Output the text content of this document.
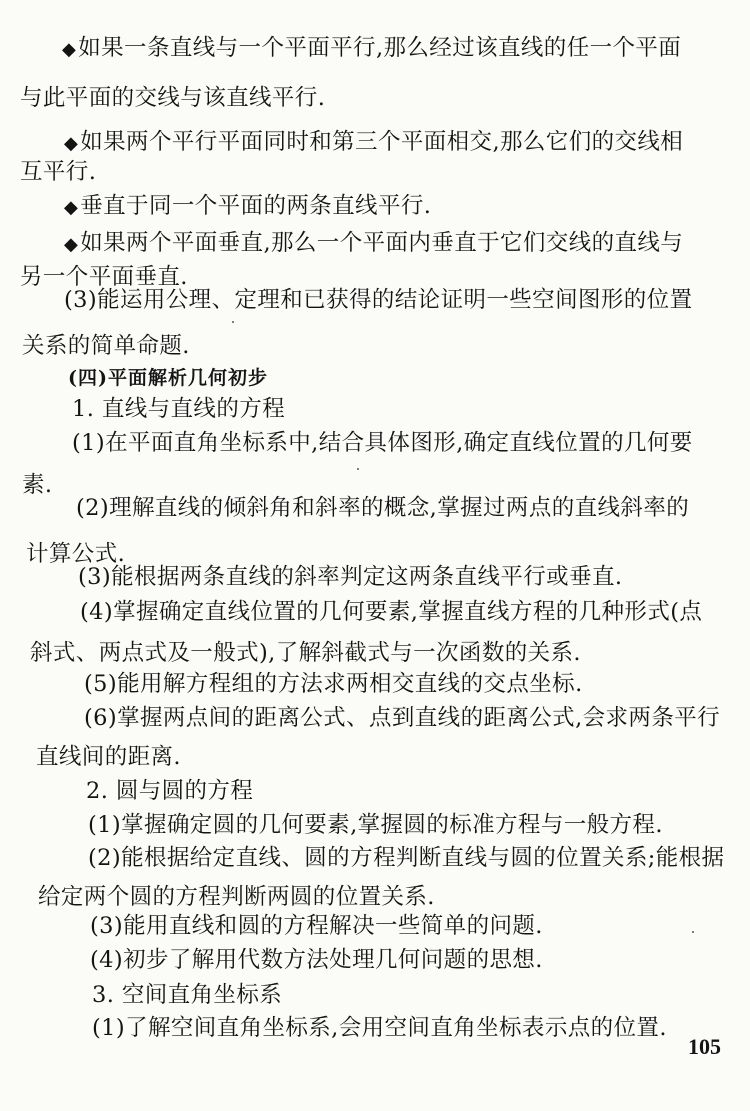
◆如果一条直线与一个平面平行,那么经过该直线的任一个平面
与此平面的交线与该直线平行.
◆如果两个平行平面同时和第三个平面相交,那么它们的交线相
互平行.
◆垂直于同一个平面的两条直线平行.
◆如果两个平面垂直,那么一个平面内垂直于它们交线的直线与
另一个平面垂直.
(3)能运用公理、定理和已获得的结论证明一些空间图形的位置
关系的简单命题.
(四)平面解析几何初步
1. 直线与直线的方程
(1)在平面直角坐标系中,结合具体图形,确定直线位置的几何要
素.
(2)理解直线的倾斜角和斜率的概念,掌握过两点的直线斜率的
计算公式.
(3)能根据两条直线的斜率判定这两条直线平行或垂直.
(4)掌握确定直线位置的几何要素,掌握直线方程的几种形式(点
斜式、两点式及一般式),了解斜截式与一次函数的关系.
(5)能用解方程组的方法求两相交直线的交点坐标.
(6)掌握两点间的距离公式、点到直线的距离公式,会求两条平行
直线间的距离.
2. 圆与圆的方程
(1)掌握确定圆的几何要素,掌握圆的标准方程与一般方程.
(2)能根据给定直线、圆的方程判断直线与圆的位置关系;能根据
给定两个圆的方程判断两圆的位置关系.
(3)能用直线和圆的方程解决一些简单的问题.
(4)初步了解用代数方法处理几何问题的思想.
3. 空间直角坐标系
(1)了解空间直角坐标系,会用空间直角坐标表示点的位置.
105
